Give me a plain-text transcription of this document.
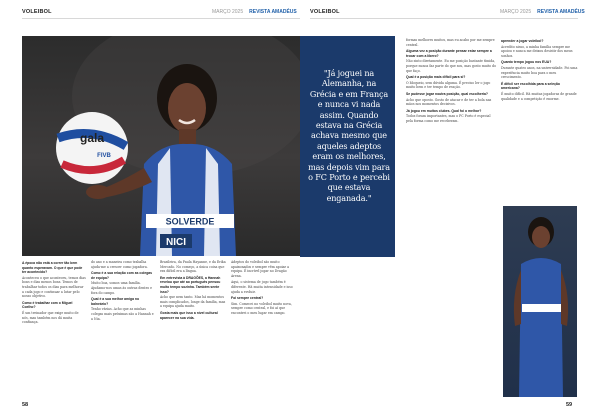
VOLEIBOL	MARÇO 2025 REVISTA AMADÉUS VOLEIBOL	MARÇO 2025 REVISTA AMADÉUS
SOLVERDE
NICI
gala
FIVB
"Já joguei na Alemanha, na Grécia e em França e nunca vi nada assim. Quando estava na Grécia achava mesmo que aqueles adeptos eram os melhores, mas depois vim para o FC Porto e percebi que estava enganada."
A época não está a correr tão bem quanto esperavam. O que é que pode ter acontecido?

Aconteceu o que aconteceu, temos dias bons e dias menos bons. Temos de trabalhar todos os dias para melhorar a cada jogo e continuar a lutar pelo nosso objetivo.

Como é trabalhar com o Miguel Coelho?

É um treinador que exige muito de nós, mas também nos dá muita confiança.

do ano e a maneira como trabalha ajuda-me a crescer como jogadora.

Como é a sua relação com as colegas de equipa?

Muito boa, somos uma família. Ajudamo-nos umas às outras dentro e fora do campo.

Qual é a sua melhor amiga no balneário?

Tenho várias. Acho que as minhas colegas mais próximas são a Hannah e a Nia.

Brasileira, da Paula Hayanne, e da Erika Mercado. No começo, a única coisa que era difícil era a língua.

Em entrevista à DRAGÕES, a Hannah revelou que até ao português pensou muito tempo sozinha. Também sente isso?

Acho que nem tanto. Mas há momentos mais complicados, longe da família, mas a equipa ajuda muito.

Gosta mais que isso a nível cultural aparecer na sua vida.

Adeptos do voleibol são muito apaixonados e sempre vêm apoiar a equipa. É incrível jogar no Dragão Arena.

Aqui, o sistema de jogo também é diferente. Há muita intensidade e isso ajuda a evoluir.

Foi sempre central?

Sim. Comecei no voleibol muito nova, sempre como central, e foi aí que encontrei o meu lugar em campo.

formas melhores muitos, mas eu acabo por me sempre central.

Alguma vez a posição durante pensar estar sempre a trocar com a líbero?

Não sinto diretamente. Eu me posição bastante tímida, porque nunca faz parte do que sou, mas gosto muito do que faço.

Qual é a posição mais difícil para si?

O bloqueio, sem dúvida alguma. É preciso ler o jogo muito bem e ter tempo de reação.

Se pudesse jogar noutra posição, qual escolheria?

Acho que oposto. Gosto de atacar e de ter a bola nas mãos nos momentos decisivos.

Já jogou em muitos clubes. Qual foi o melhor?

Todos foram importantes, mas o FC Porto é especial pela forma como me receberam.

aprender a jogar voleibol?

Acredito nisso, a minha família sempre me apoiou e nunca me deixou desistir dos meus sonhos.

Quanto tempo jogou nos EUA?

Durante quatro anos, na universidade. Foi uma experiência muito boa para o meu crescimento.

É difícil ser escolhida para a seleção americana?

É muito difícil. Há muitas jogadoras de grande qualidade e a competição é enorme.

58	59
